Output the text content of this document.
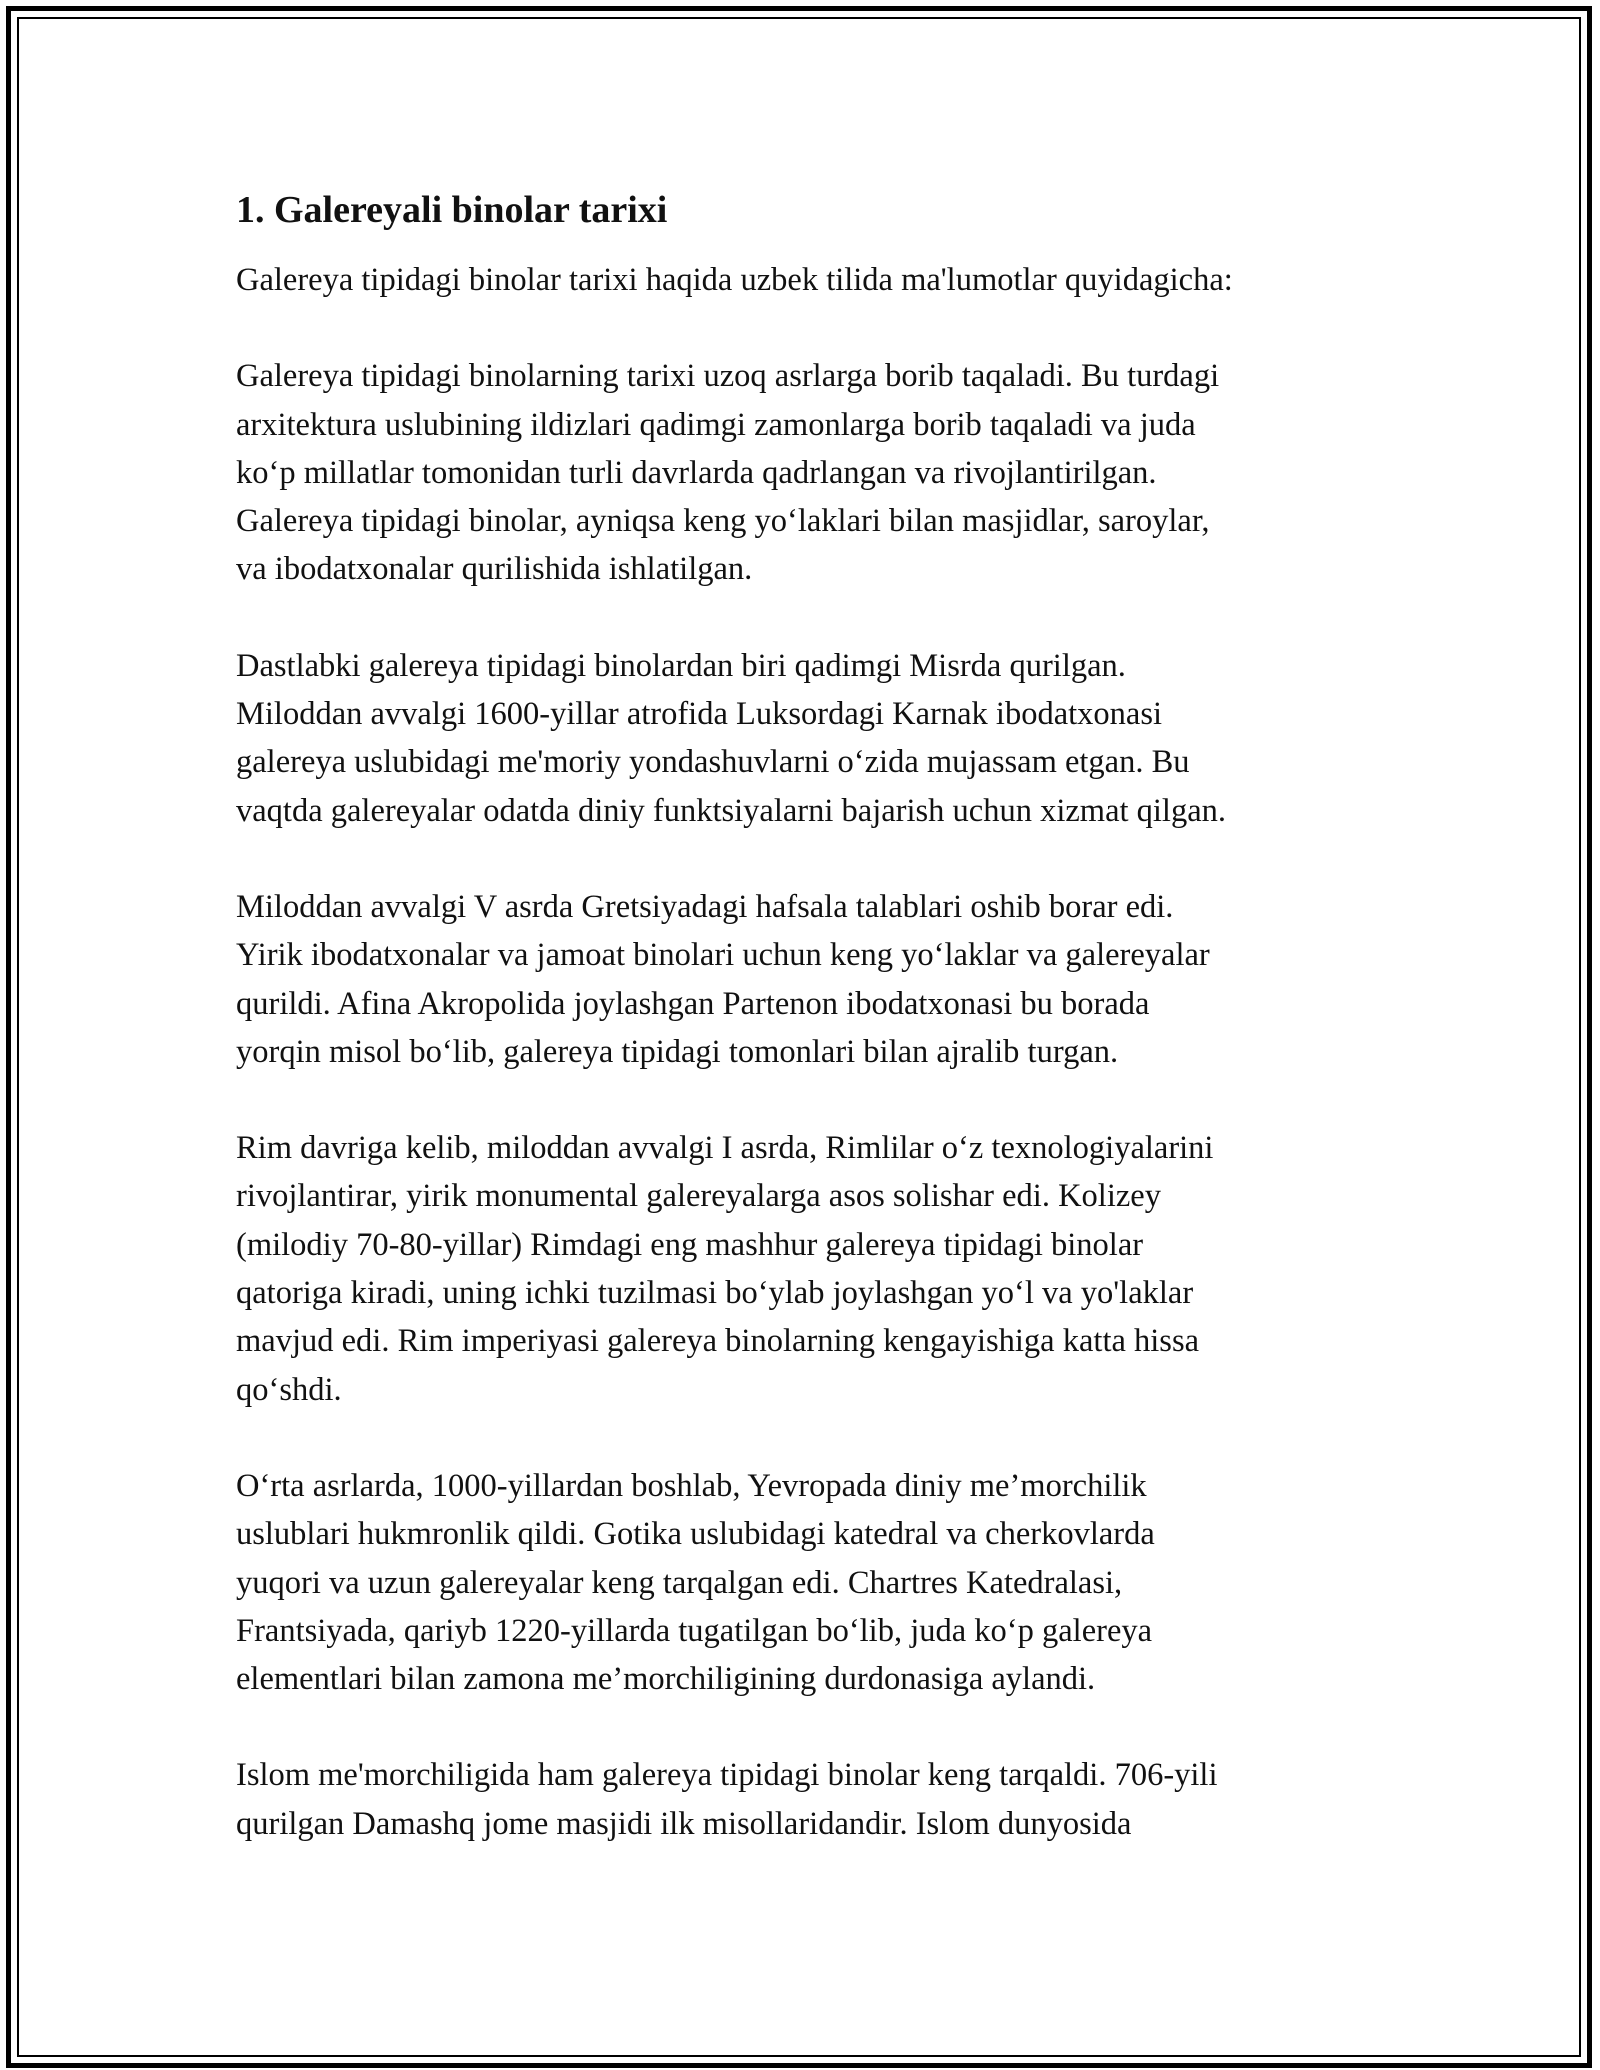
1. Galereyali binolar tarixi

Galereya tipidagi binolar tarixi haqida uzbek tilida ma'lumotlar quyidagicha:

Galereya tipidagi binolarning tarixi uzoq asrlarga borib taqaladi. Bu turdagi
arxitektura uslubining ildizlari qadimgi zamonlarga borib taqaladi va juda
ko‘p millatlar tomonidan turli davrlarda qadrlangan va rivojlantirilgan.
Galereya tipidagi binolar, ayniqsa keng yo‘laklari bilan masjidlar, saroylar,
va ibodatxonalar qurilishida ishlatilgan.

Dastlabki galereya tipidagi binolardan biri qadimgi Misrda qurilgan.
Miloddan avvalgi 1600-yillar atrofida Luksordagi Karnak ibodatxonasi
galereya uslubidagi me'moriy yondashuvlarni o‘zida mujassam etgan. Bu
vaqtda galereyalar odatda diniy funktsiyalarni bajarish uchun xizmat qilgan.

Miloddan avvalgi V asrda Gretsiyadagi hafsala talablari oshib borar edi.
Yirik ibodatxonalar va jamoat binolari uchun keng yo‘laklar va galereyalar
qurildi. Afina Akropolida joylashgan Partenon ibodatxonasi bu borada
yorqin misol bo‘lib, galereya tipidagi tomonlari bilan ajralib turgan.

Rim davriga kelib, miloddan avvalgi I asrda, Rimlilar o‘z texnologiyalarini
rivojlantirar, yirik monumental galereyalarga asos solishar edi. Kolizey
(milodiy 70-80-yillar) Rimdagi eng mashhur galereya tipidagi binolar
qatoriga kiradi, uning ichki tuzilmasi bo‘ylab joylashgan yo‘l va yo'laklar
mavjud edi. Rim imperiyasi galereya binolarning kengayishiga katta hissa
qo‘shdi.

O‘rta asrlarda, 1000-yillardan boshlab, Yevropada diniy me’morchilik
uslublari hukmronlik qildi. Gotika uslubidagi katedral va cherkovlarda
yuqori va uzun galereyalar keng tarqalgan edi. Chartres Katedralasi,
Frantsiyada, qariyb 1220-yillarda tugatilgan bo‘lib, juda ko‘p galereya
elementlari bilan zamona me’morchiligining durdonasiga aylandi.

Islom me'morchiligida ham galereya tipidagi binolar keng tarqaldi. 706-yili
qurilgan Damashq jome masjidi ilk misollaridandir. Islom dunyosida
